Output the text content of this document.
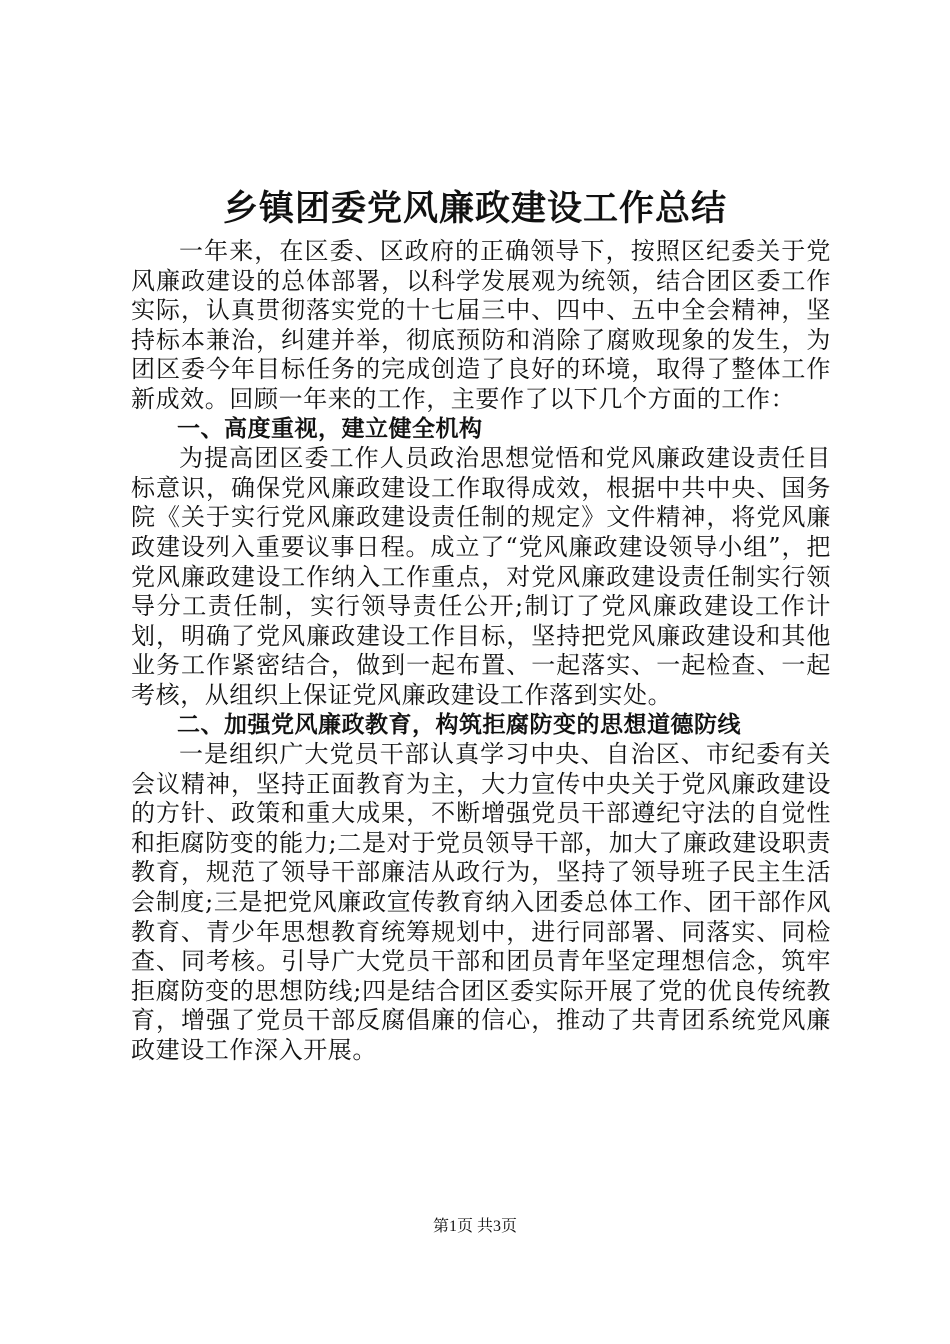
乡镇团委党风廉政建设工作总结

一年来，在区委、区政府的正确领导下，按照区纪委关于党风廉政建设的总体部署，以科学发展观为统领，结合团区委工作实际，认真贯彻落实党的十七届三中、四中、五中全会精神，坚持标本兼治，纠建并举，彻底预防和消除了腐败现象的发生，为团区委今年目标任务的完成创造了良好的环境，取得了整体工作新成效。回顾一年来的工作，主要作了以下几个方面的工作：

一、高度重视，建立健全机构

为提高团区委工作人员政治思想觉悟和党风廉政建设责任目标意识，确保党风廉政建设工作取得成效，根据中共中央、国务院《关于实行党风廉政建设责任制的规定》文件精神，将党风廉政建设列入重要议事日程。成立了“党风廉政建设领导小组”，把党风廉政建设工作纳入工作重点，对党风廉政建设责任制实行领导分工责任制，实行领导责任公开;制订了党风廉政建设工作计划，明确了党风廉政建设工作目标，坚持把党风廉政建设和其他业务工作紧密结合，做到一起布置、一起落实、一起检查、一起考核，从组织上保证党风廉政建设工作落到实处。

二、加强党风廉政教育，构筑拒腐防变的思想道德防线

一是组织广大党员干部认真学习中央、自治区、市纪委有关会议精神，坚持正面教育为主，大力宣传中央关于党风廉政建设的方针、政策和重大成果，不断增强党员干部遵纪守法的自觉性和拒腐防变的能力;二是对于党员领导干部，加大了廉政建设职责教育，规范了领导干部廉洁从政行为，坚持了领导班子民主生活会制度;三是把党风廉政宣传教育纳入团委总体工作、团干部作风教育、青少年思想教育统筹规划中，进行同部署、同落实、同检查、同考核。引导广大党员干部和团员青年坚定理想信念，筑牢拒腐防变的思想防线;四是结合团区委实际开展了党的优良传统教育，增强了党员干部反腐倡廉的信心，推动了共青团系统党风廉政建设工作深入开展。

第1页 共3页
